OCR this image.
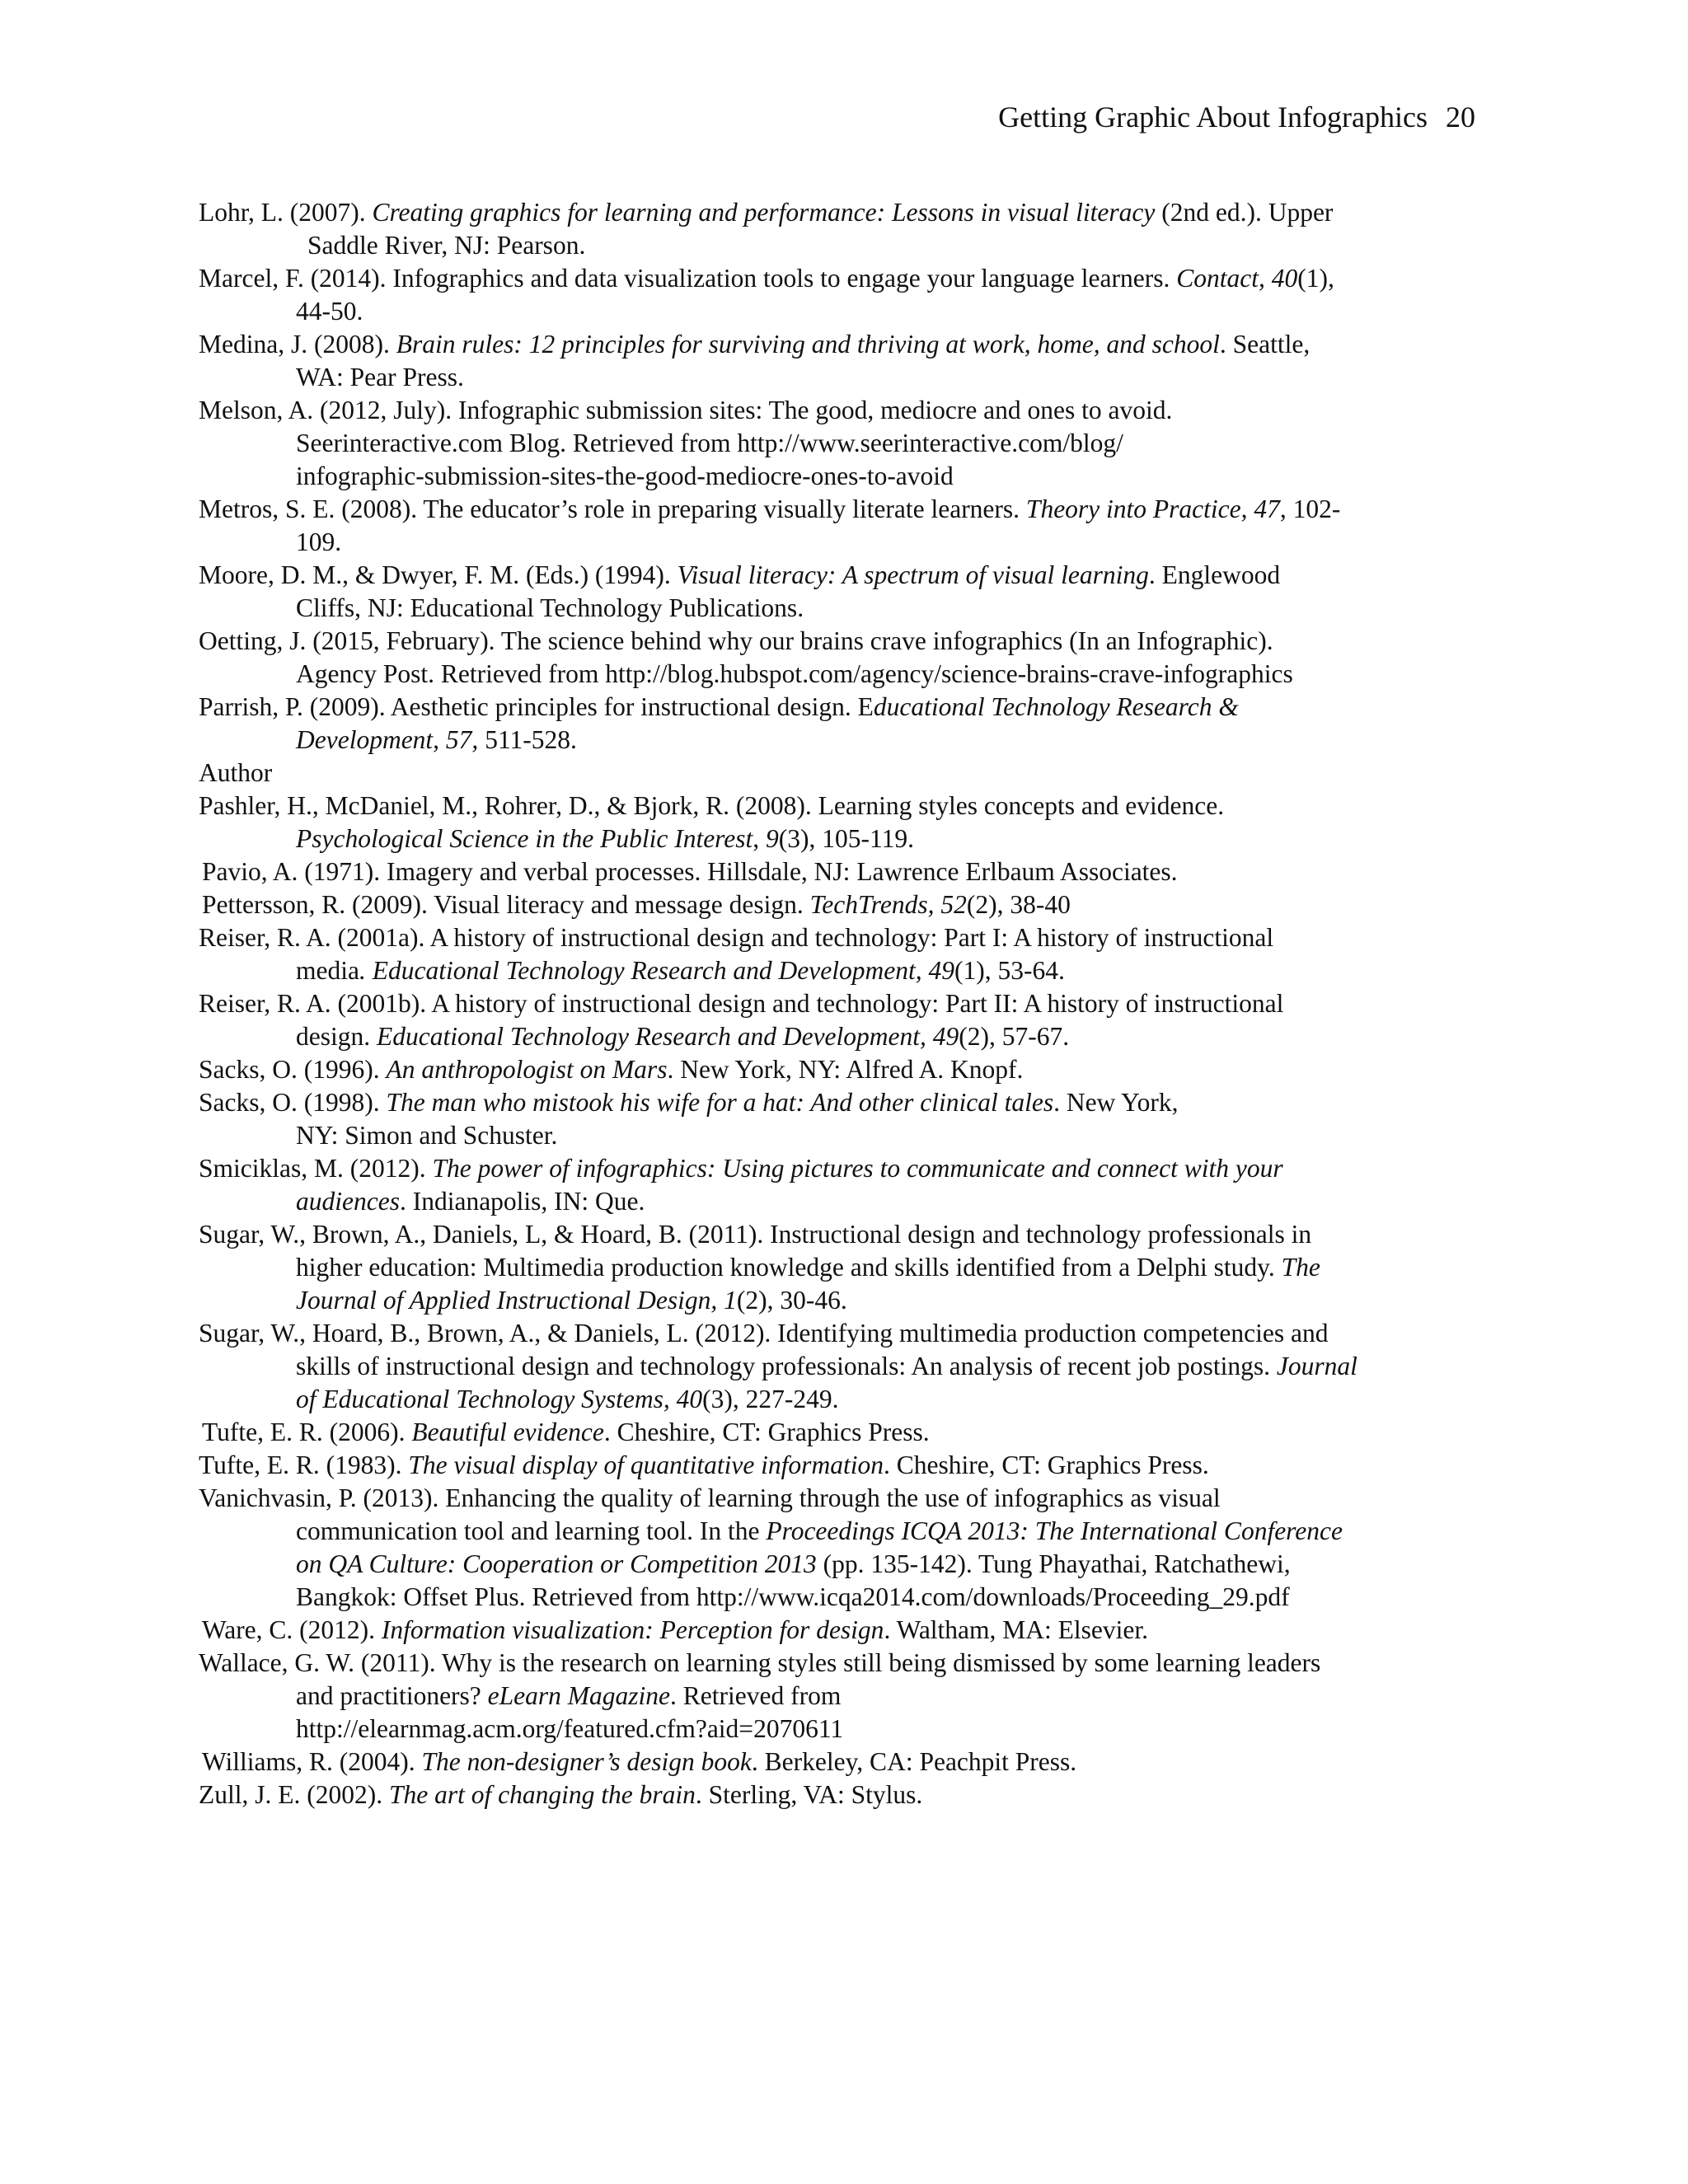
Getting Graphic About Infographics 20
Lohr, L. (2007). Creating graphics for learning and performance: Lessons in visual literacy (2nd ed.). Upper
Saddle River, NJ: Pearson.
Marcel, F. (2014). Infographics and data visualization tools to engage your language learners. Contact, 40(1),
44-50.
Medina, J. (2008). Brain rules: 12 principles for surviving and thriving at work, home, and school. Seattle,
WA: Pear Press.
Melson, A. (2012, July). Infographic submission sites: The good, mediocre and ones to avoid.
Seerinteractive.com Blog. Retrieved from http://www.seerinteractive.com/blog/
infographic-submission-sites-the-good-mediocre-ones-to-avoid
Metros, S. E. (2008). The educator’s role in preparing visually literate learners. Theory into Practice, 47, 102-
109.
Moore, D. M., & Dwyer, F. M. (Eds.) (1994). Visual literacy: A spectrum of visual learning. Englewood
Cliffs, NJ: Educational Technology Publications.
Oetting, J. (2015, February). The science behind why our brains crave infographics (In an Infographic).
Agency Post. Retrieved from http://blog.hubspot.com/agency/science-brains-crave-infographics
Parrish, P. (2009). Aesthetic principles for instructional design. Educational Technology Research &
Development, 57, 511-528.
Author
Pashler, H., McDaniel, M., Rohrer, D., & Bjork, R. (2008). Learning styles concepts and evidence.
Psychological Science in the Public Interest, 9(3), 105-119.
Pavio, A. (1971). Imagery and verbal processes. Hillsdale, NJ: Lawrence Erlbaum Associates.
Pettersson, R. (2009). Visual literacy and message design. TechTrends, 52(2), 38-40
Reiser, R. A. (2001a). A history of instructional design and technology: Part I: A history of instructional
media. Educational Technology Research and Development, 49(1), 53-64.
Reiser, R. A. (2001b). A history of instructional design and technology: Part II: A history of instructional
design. Educational Technology Research and Development, 49(2), 57-67.
Sacks, O. (1996). An anthropologist on Mars. New York, NY: Alfred A. Knopf.
Sacks, O. (1998). The man who mistook his wife for a hat: And other clinical tales. New York,
NY: Simon and Schuster.
Smiciklas, M. (2012). The power of infographics: Using pictures to communicate and connect with your
audiences. Indianapolis, IN: Que.
Sugar, W., Brown, A., Daniels, L, & Hoard, B. (2011). Instructional design and technology professionals in
higher education: Multimedia production knowledge and skills identified from a Delphi study. The
Journal of Applied Instructional Design, 1(2), 30-46.
Sugar, W., Hoard, B., Brown, A., & Daniels, L. (2012). Identifying multimedia production competencies and
skills of instructional design and technology professionals: An analysis of recent job postings. Journal
of Educational Technology Systems, 40(3), 227-249.
Tufte, E. R. (2006). Beautiful evidence. Cheshire, CT: Graphics Press.
Tufte, E. R. (1983). The visual display of quantitative information. Cheshire, CT: Graphics Press.
Vanichvasin, P. (2013). Enhancing the quality of learning through the use of infographics as visual
communication tool and learning tool. In the Proceedings ICQA 2013: The International Conference
on QA Culture: Cooperation or Competition 2013 (pp. 135-142). Tung Phayathai, Ratchathewi,
Bangkok: Offset Plus. Retrieved from http://www.icqa2014.com/downloads/Proceeding_29.pdf
Ware, C. (2012). Information visualization: Perception for design. Waltham, MA: Elsevier.
Wallace, G. W. (2011). Why is the research on learning styles still being dismissed by some learning leaders
and practitioners? eLearn Magazine. Retrieved from
http://elearnmag.acm.org/featured.cfm?aid=2070611
Williams, R. (2004). The non-designer’s design book. Berkeley, CA: Peachpit Press.
Zull, J. E. (2002). The art of changing the brain. Sterling, VA: Stylus.
